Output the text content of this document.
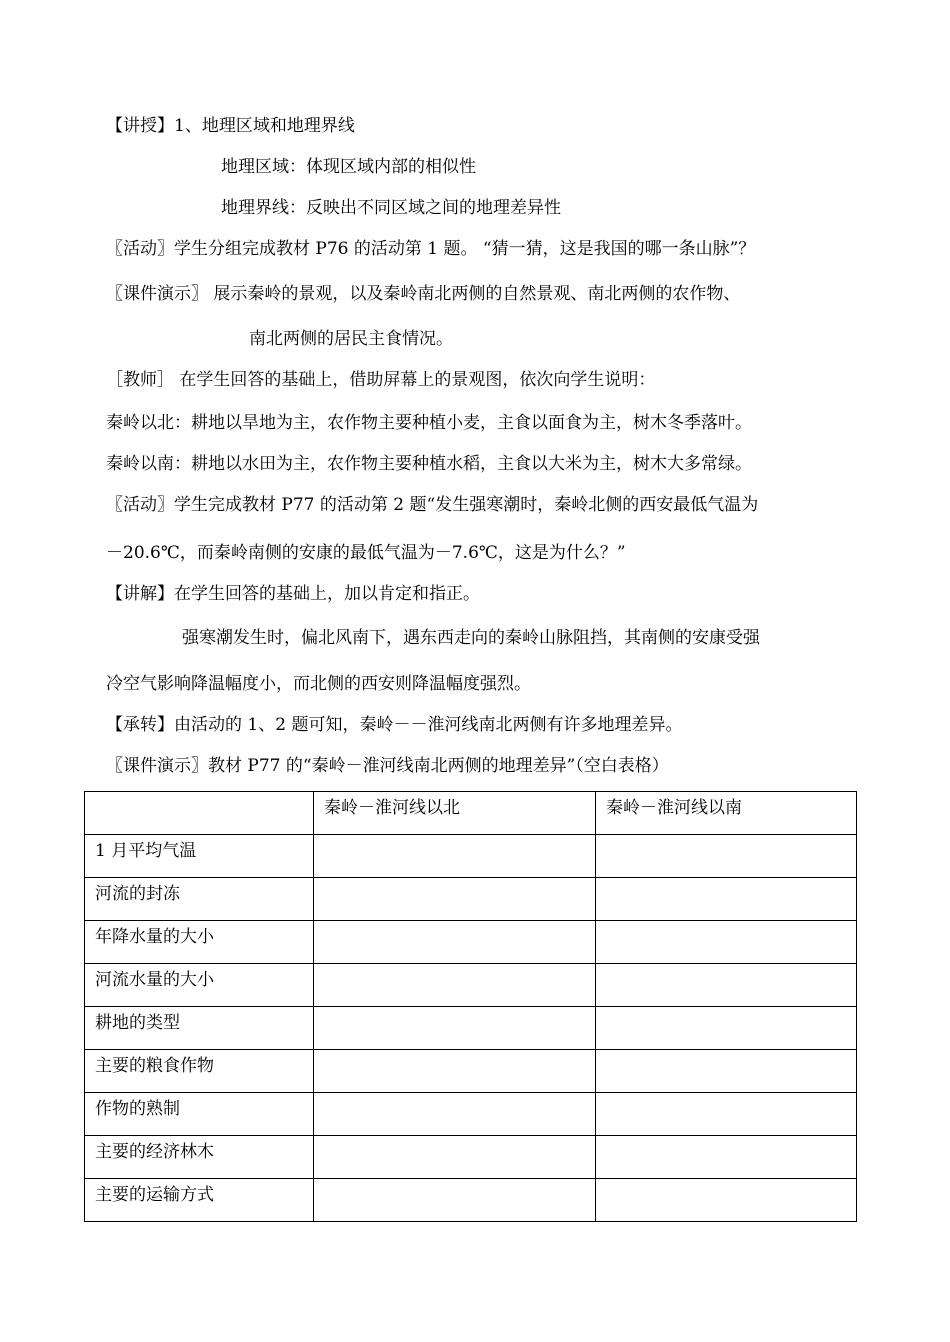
【讲授】1、地理区域和地理界线
地理区域：体现区域内部的相似性
地理界线：反映出不同区域之间的地理差异性
〖活动〗学生分组完成教材 P76 的活动第 1 题。 “猜一猜，这是我国的哪一条山脉”？
〖课件演示〗 展示秦岭的景观，以及秦岭南北两侧的自然景观、南北两侧的农作物、
南北两侧的居民主食情况。
［教师］ 在学生回答的基础上，借助屏幕上的景观图，依次向学生说明：
秦岭以北：耕地以旱地为主，农作物主要种植小麦，主食以面食为主，树木冬季落叶。
秦岭以南：耕地以水田为主，农作物主要种植水稻，主食以大米为主，树木大多常绿。
〖活动〗学生完成教材 P77 的活动第 2 题“发生强寒潮时，秦岭北侧的西安最低气温为
－20.6℃，而秦岭南侧的安康的最低气温为－7.6℃，这是为什么？”
【讲解】在学生回答的基础上，加以肯定和指正。
强寒潮发生时，偏北风南下，遇东西走向的秦岭山脉阻挡，其南侧的安康受强
冷空气影响降温幅度小，而北侧的西安则降温幅度强烈。
【承转】由活动的 1、2 题可知，秦岭－－淮河线南北两侧有许多地理差异。
〖课件演示〗教材 P77 的“秦岭－淮河线南北两侧的地理差异”（空白表格）
	秦岭－淮河线以北	秦岭－淮河线以南
1 月平均气温		
河流的封冻		
年降水量的大小		
河流水量的大小		
耕地的类型		
主要的粮食作物		
作物的熟制		
主要的经济林木		
主要的运输方式		
